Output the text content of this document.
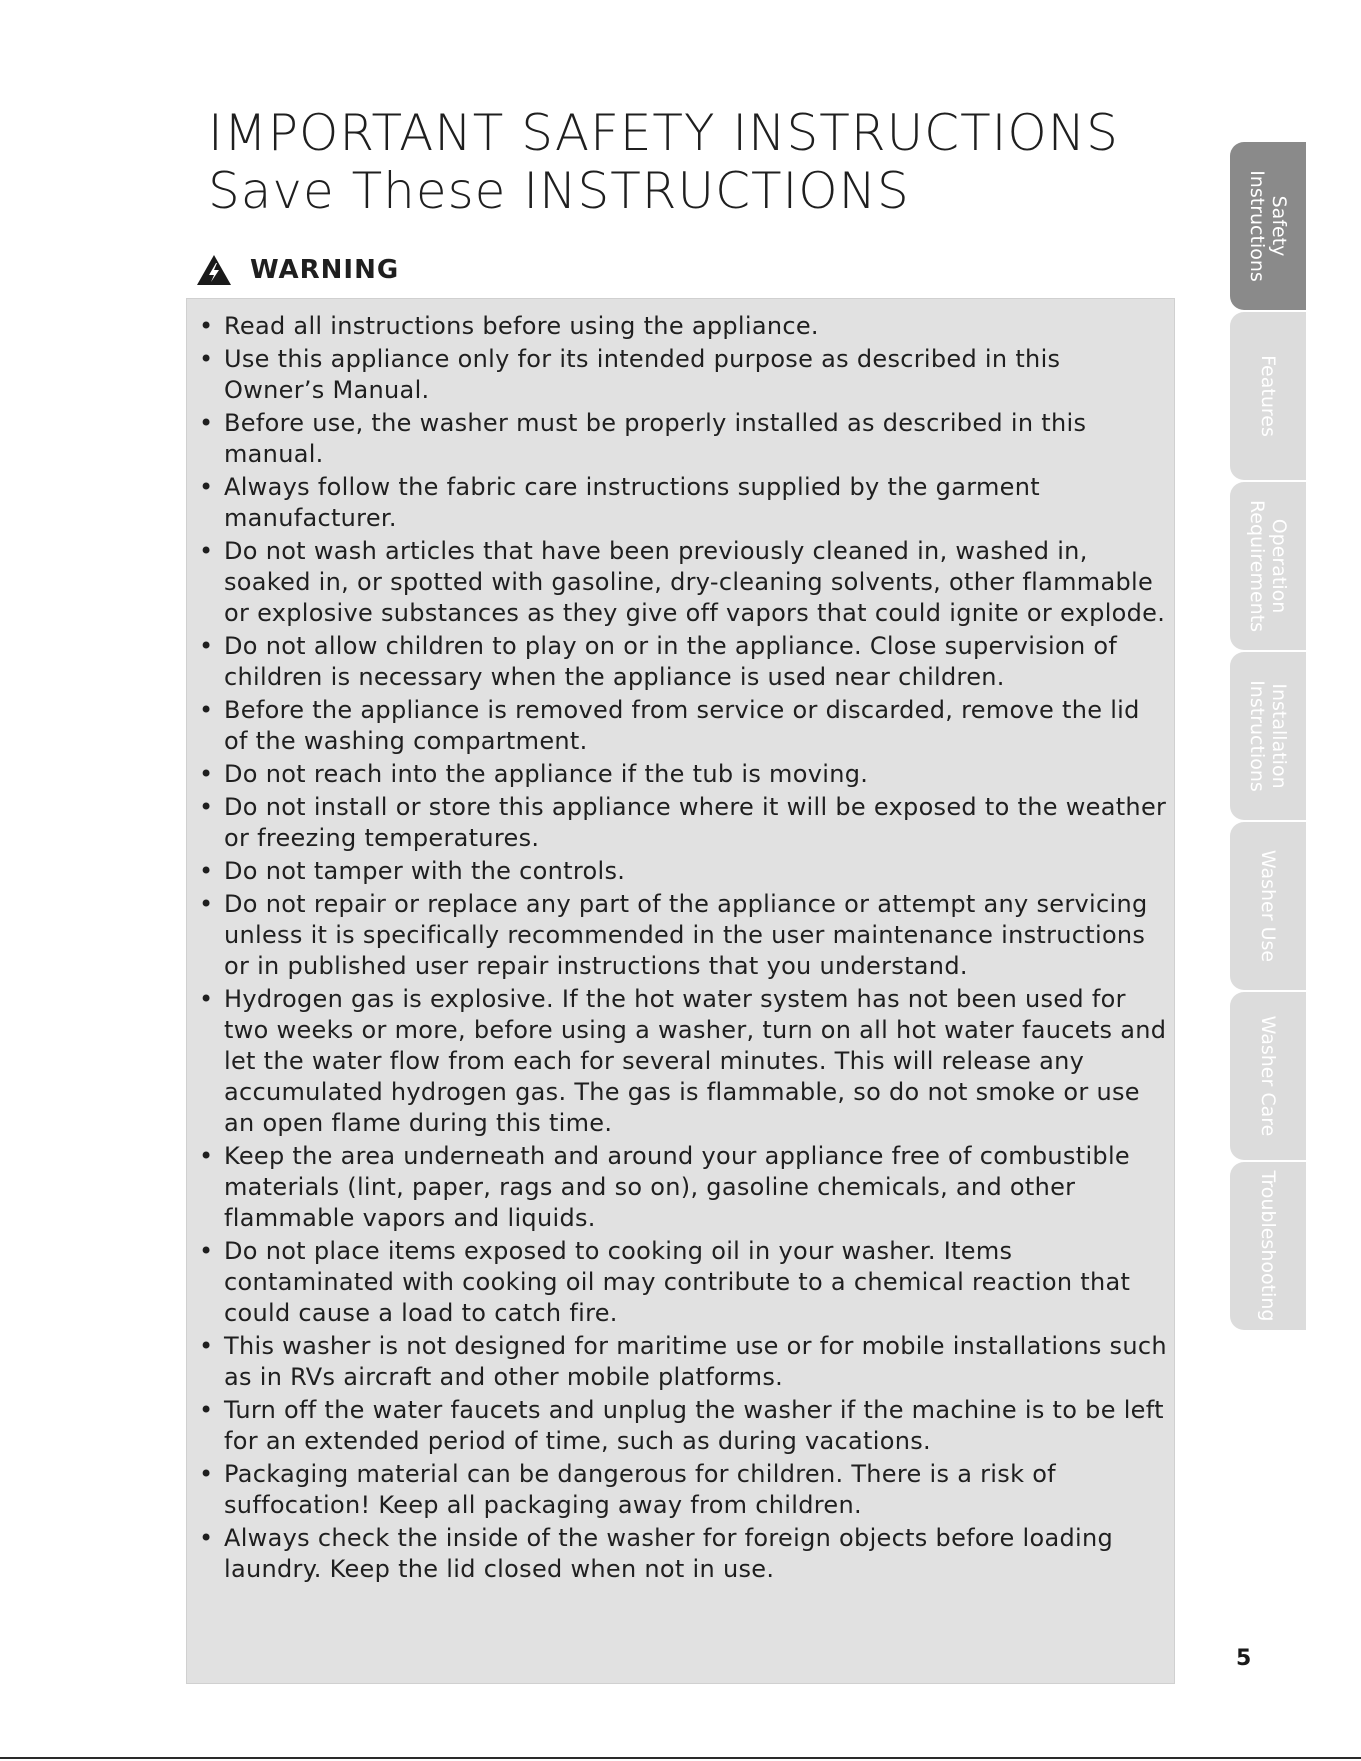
IMPORTANT SAFETY INSTRUCTIONS
Save These INSTRUCTIONS
WARNING
• Read all instructions before using the appliance.
• Use this appliance only for its intended purpose as described in this Owner’s Manual.
• Before use, the washer must be properly installed as described in this manual.
• Always follow the fabric care instructions supplied by the garment manufacturer.
• Do not wash articles that have been previously cleaned in, washed in, soaked in, or spotted with gasoline, dry-cleaning solvents, other flammable or explosive substances as they give off vapors that could ignite or explode.
• Do not allow children to play on or in the appliance. Close supervision of children is necessary when the appliance is used near children.
• Before the appliance is removed from service or discarded, remove the lid of the washing compartment.
• Do not reach into the appliance if the tub is moving.
• Do not install or store this appliance where it will be exposed to the weather or freezing temperatures.
• Do not tamper with the controls.
• Do not repair or replace any part of the appliance or attempt any servicing unless it is specifically recommended in the user maintenance instructions or in published user repair instructions that you understand.
• Hydrogen gas is explosive. If the hot water system has not been used for two weeks or more, before using a washer, turn on all hot water faucets and let the water flow from each for several minutes. This will release any accumulated hydrogen gas. The gas is flammable, so do not smoke or use an open flame during this time.
• Keep the area underneath and around your appliance free of combustible materials (lint, paper, rags and so on), gasoline chemicals, and other flammable vapors and liquids.
• Do not place items exposed to cooking oil in your washer. Items contaminated with cooking oil may contribute to a chemical reaction that could cause a load to catch fire.
• This washer is not designed for maritime use or for mobile installations such as in RVs aircraft and other mobile platforms.
• Turn off the water faucets and unplug the washer if the machine is to be left for an extended period of time, such as during vacations.
• Packaging material can be dangerous for children. There is a risk of suffocation! Keep all packaging away from children.
• Always check the inside of the washer for foreign objects before loading laundry. Keep the lid closed when not in use.
Safety
Instructions
Features
Operation
Requirements
Installation
Instructions
Washer Use
Washer Care
Troubleshooting
5
